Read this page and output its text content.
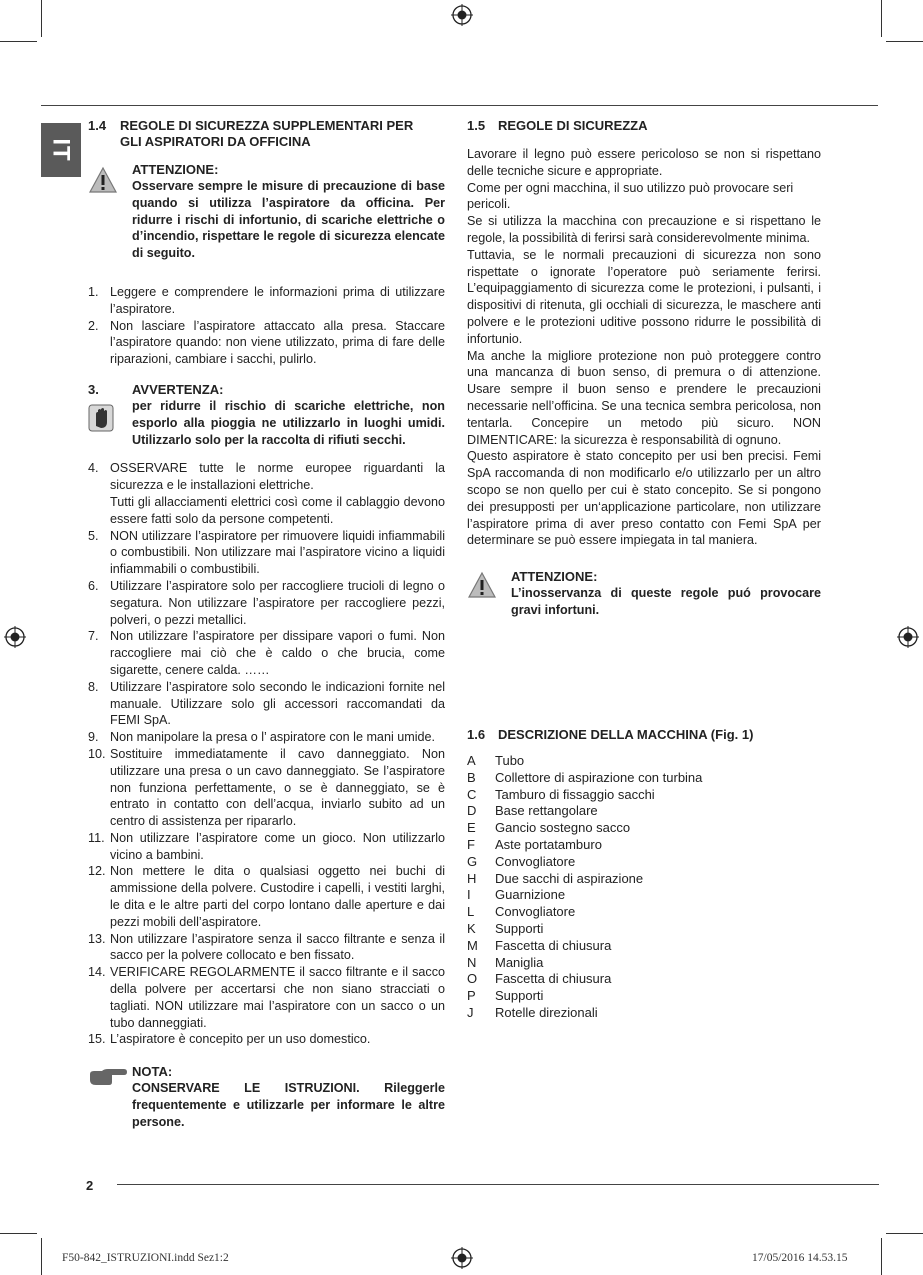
IT
1.4 REGOLE DI SICUREZZA SUPPLEMENTARI PER
GLI ASPIRATORI DA OFFICINA
ATTENZIONE:
Osservare sempre le misure di precauzione di base quando si utilizza l’aspiratore da officina. Per ridurre i rischi di infortunio, di scariche elettriche o d’incendio, rispettare le regole di sicurezza elencate di seguito.
1. Leggere e comprendere le informazioni prima di utilizzare l’aspiratore.
2. Non lasciare l’aspiratore attaccato alla presa. Staccare l’aspiratore quando: non viene utilizzato, prima di fare delle riparazioni, cambiare i sacchi, pulirlo.
3.	AVVERTENZA:
per ridurre il rischio di scariche elettriche, non esporlo alla pioggia ne utilizzarlo in luoghi umidi. Utilizzarlo solo per la raccolta di rifiuti secchi.
4. OSSERVARE tutte le norme europee riguardanti la sicurezza e le installazioni elettriche.
Tutti gli allacciamenti elettrici così come il cablaggio devono essere fatti solo da persone competenti.
5. NON utilizzare l’aspiratore per rimuovere liquidi infiammabili o combustibili. Non utilizzare mai l’aspiratore vicino a liquidi infiammabili o combustibili.
6. Utilizzare l’aspiratore solo per raccogliere trucioli di legno o segatura. Non utilizzare l’aspiratore per raccogliere pezzi, polveri, o pezzi metallici.
7. Non utilizzare l’aspiratore per dissipare vapori o fumi. Non raccogliere mai ciò che è caldo o che brucia, come sigarette, cenere calda. ……
8. Utilizzare l’aspiratore solo secondo le indicazioni fornite nel manuale. Utilizzare solo gli accessori raccomandati da FEMI SpA.
9. Non manipolare la presa o l’ aspiratore con le mani umide.
10. Sostituire immediatamente il cavo danneggiato. Non utilizzare una presa o un cavo danneggiato. Se l’aspiratore non funziona perfettamente, o se è danneggiato, se è entrato in contatto con dell’acqua, inviarlo subito ad un centro di assistenza per ripararlo.
11. Non utilizzare l’aspiratore come un gioco. Non utilizzarlo vicino a bambini.
12. Non mettere le dita o qualsiasi oggetto nei buchi di ammissione della polvere. Custodire i capelli, i vestiti larghi, le dita e le altre parti del corpo lontano dalle aperture e dai pezzi mobili dell’aspiratore.
13. Non utilizzare l’aspiratore senza il sacco filtrante e senza il sacco per la polvere collocato e ben fissato.
14. VERIFICARE REGOLARMENTE il sacco filtrante e il sacco della polvere per accertarsi che non siano stracciati o tagliati. NON utilizzare mai l’aspiratore con un sacco o un tubo danneggiati.
15. L’aspiratore è concepito per un uso domestico.
NOTA:
CONSERVARE LE ISTRUZIONI. Rileggerle frequentemente e utilizzarle per informare le altre persone.
1.5 REGOLE DI SICUREZZA
Lavorare il legno può essere pericoloso se non si rispettano delle tecniche sicure e appropriate.
Come per ogni macchina, il suo utilizzo può provocare seri
pericoli.
Se si utilizza la macchina con precauzione e si rispettano le regole, la possibilità di ferirsi sarà considerevolmente minima.
Tuttavia, se le normali precauzioni di sicurezza non sono rispettate o ignorate l’operatore può seriamente ferirsi. L’equipaggiamento di sicurezza come le protezioni, i pulsanti, i dispositivi di ritenuta, gli occhiali di sicurezza, le maschere anti polvere e le protezioni uditive possono ridurre le possibilità di infortunio.
Ma anche la migliore protezione non può proteggere contro una mancanza di buon senso, di premura o di attenzione. Usare sempre il buon senso e prendere le precauzioni necessarie nell’officina. Se una tecnica sembra pericolosa, non tentarla. Concepire un metodo più sicuro. NON DIMENTICARE: la sicurezza è responsabilità di ognuno.
Questo aspiratore è stato concepito per usi ben precisi. Femi SpA raccomanda di non modificarlo e/o utilizzarlo per un altro scopo se non quello per cui è stato concepito. Se si pongono dei presupposti per un‘applicazione particolare, non utilizzare l’aspiratore prima di aver preso contatto con Femi SpA per determinare se può essere impiegata in tal maniera.
ATTENZIONE:
L’inosservanza di queste regole puó provocare gravi infortuni.
1.6 DESCRIZIONE DELLA MACCHINA (Fig. 1)
A Tubo
B Collettore di aspirazione con turbina
C Tamburo di fissaggio sacchi
D Base rettangolare
E Gancio sostegno sacco
F Aste portatamburo
G Convogliatore
H Due sacchi di aspirazione
I Guarnizione
L Convogliatore
K Supporti
M Fascetta di chiusura
N Maniglia
O Fascetta di chiusura
P Supporti
J Rotelle direzionali
2
F50-842_ISTRUZIONI.indd Sez1:2	17/05/2016 14.53.15
